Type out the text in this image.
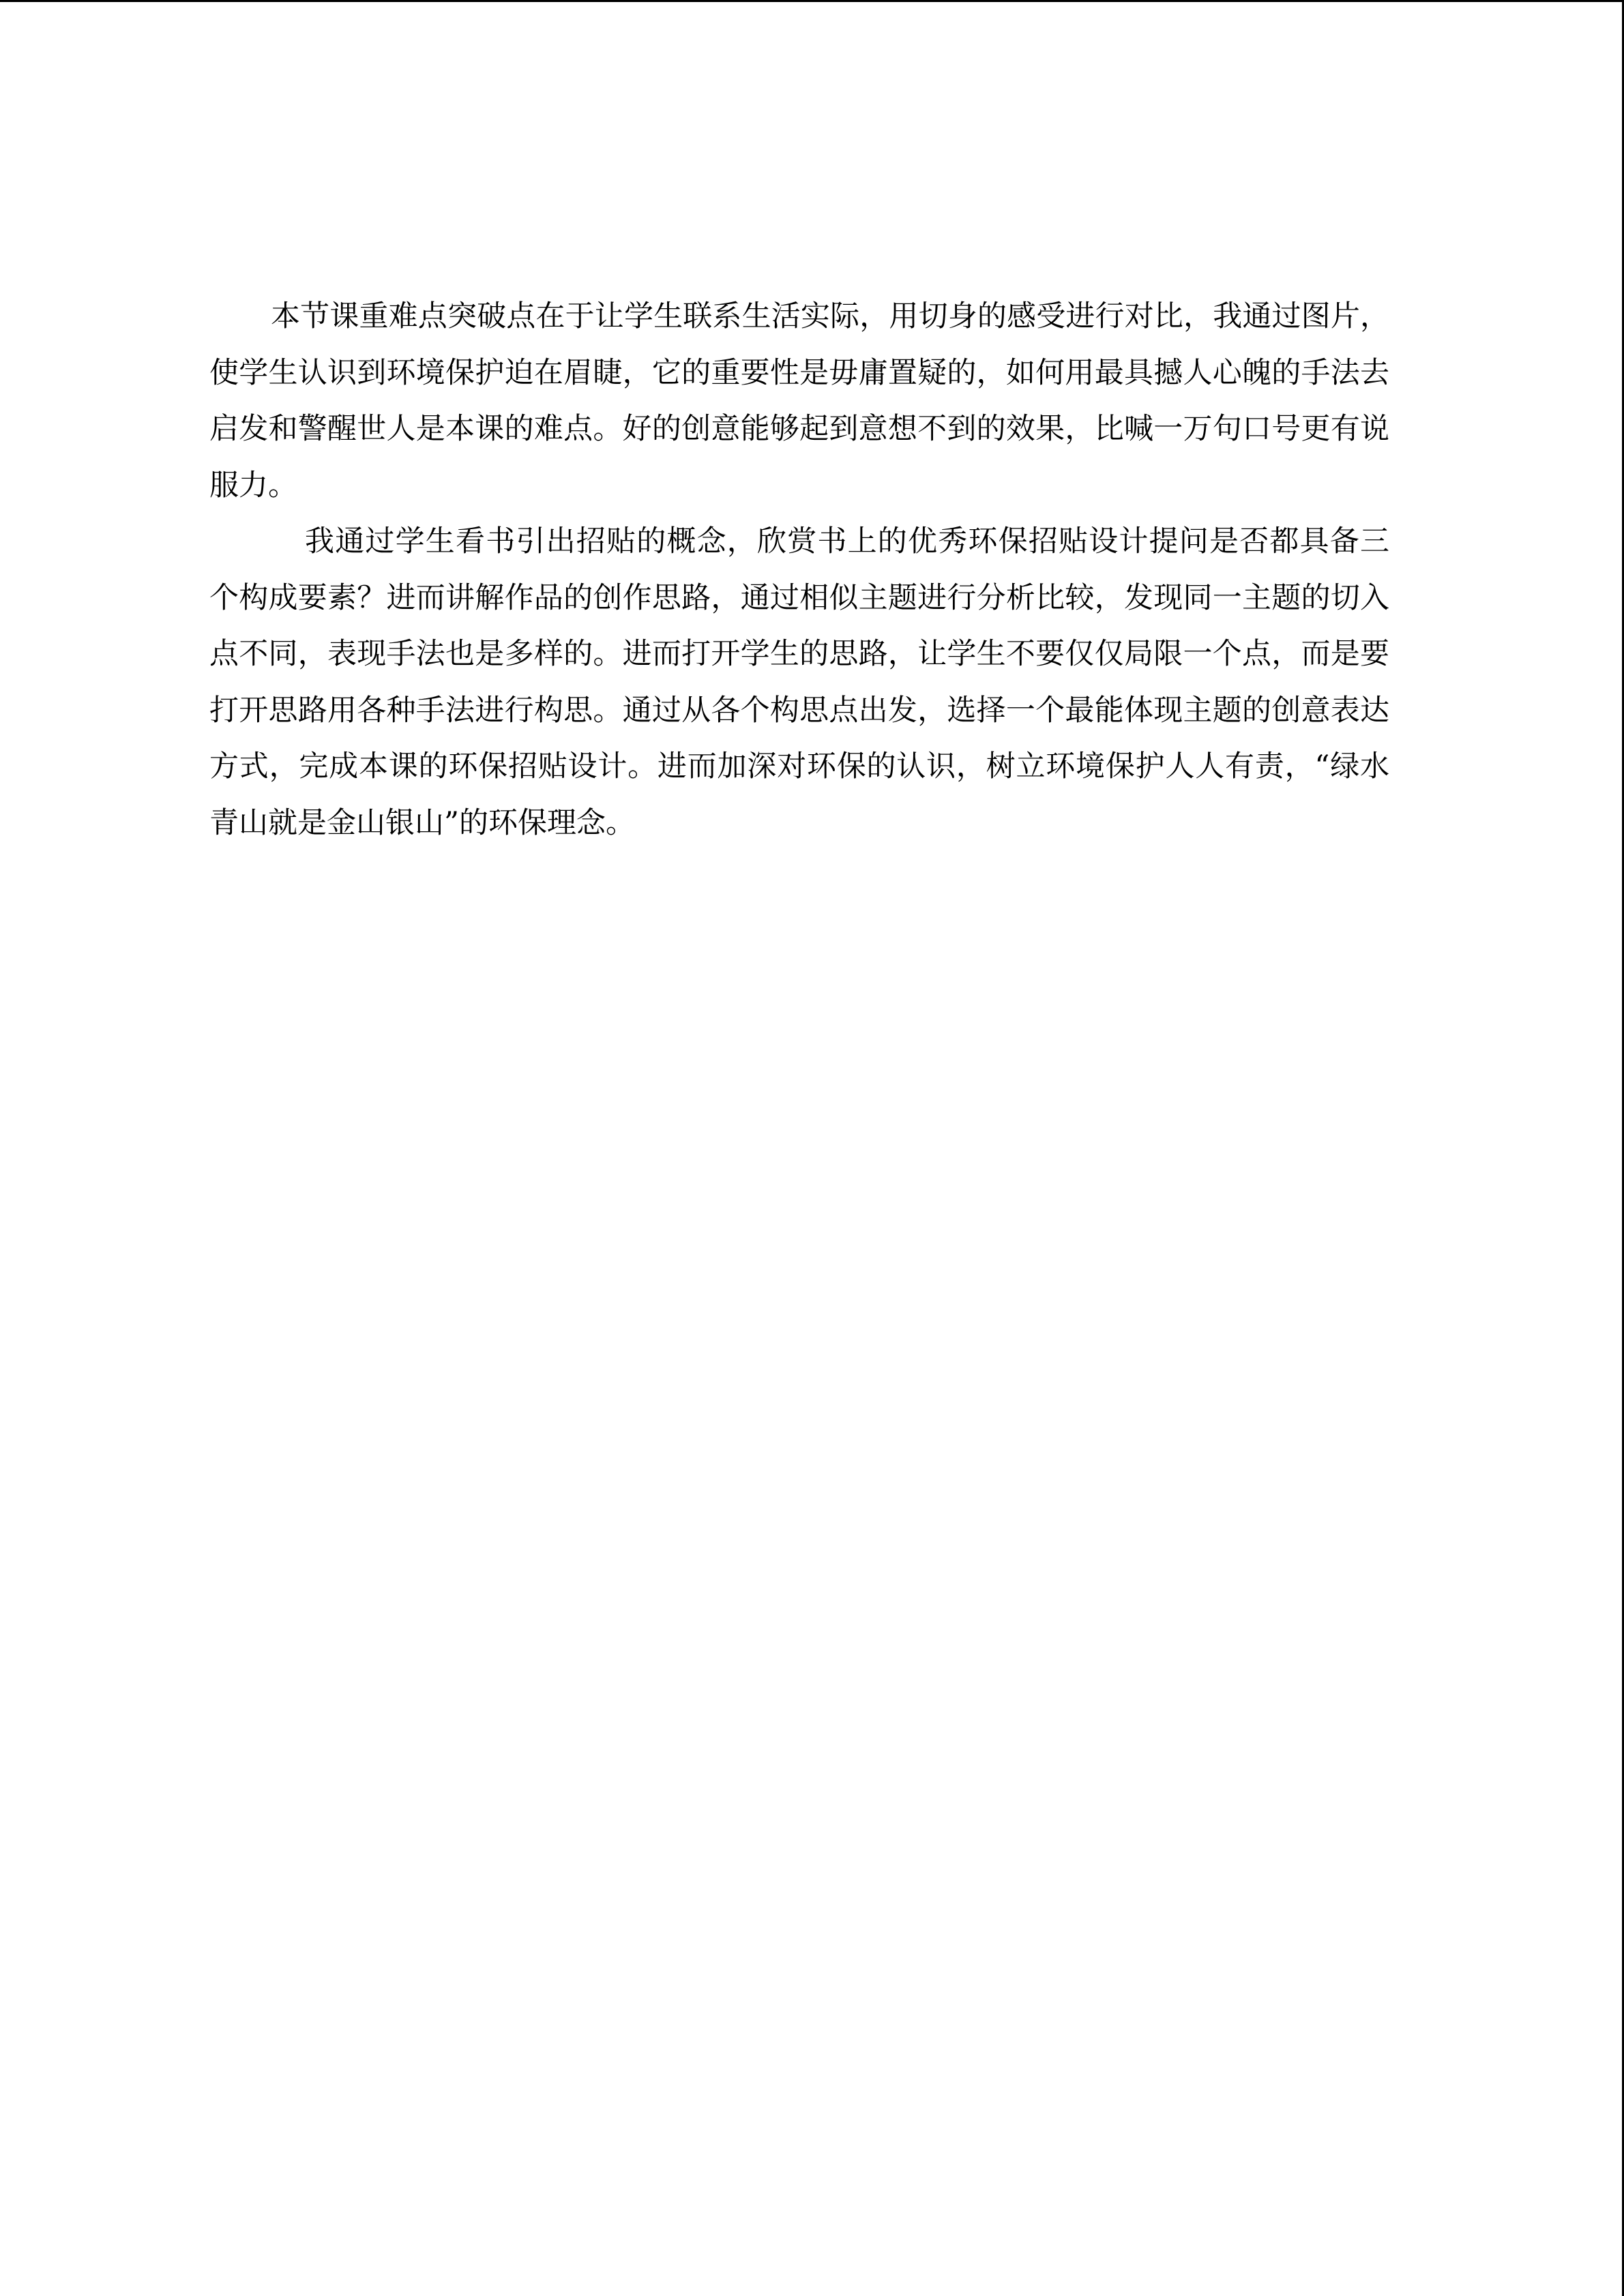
本节课重难点突破点在于让学生联系生活实际，用切身的感受进行对比，我通过图片，使学生认识到环境保护迫在眉睫，它的重要性是毋庸置疑的，如何用最具撼人心魄的手法去启发和警醒世人是本课的难点。好的创意能够起到意想不到的效果，比喊一万句口号更有说服力。

我通过学生看书引出招贴的概念，欣赏书上的优秀环保招贴设计提问是否都具备三个构成要素？进而讲解作品的创作思路，通过相似主题进行分析比较，发现同一主题的切入点不同，表现手法也是多样的。进而打开学生的思路，让学生不要仅仅局限一个点，而是要打开思路用各种手法进行构思。通过从各个构思点出发，选择一个最能体现主题的创意表达方式，完成本课的环保招贴设计。进而加深对环保的认识，树立环境保护人人有责，“绿水青山就是金山银山”的环保理念。
